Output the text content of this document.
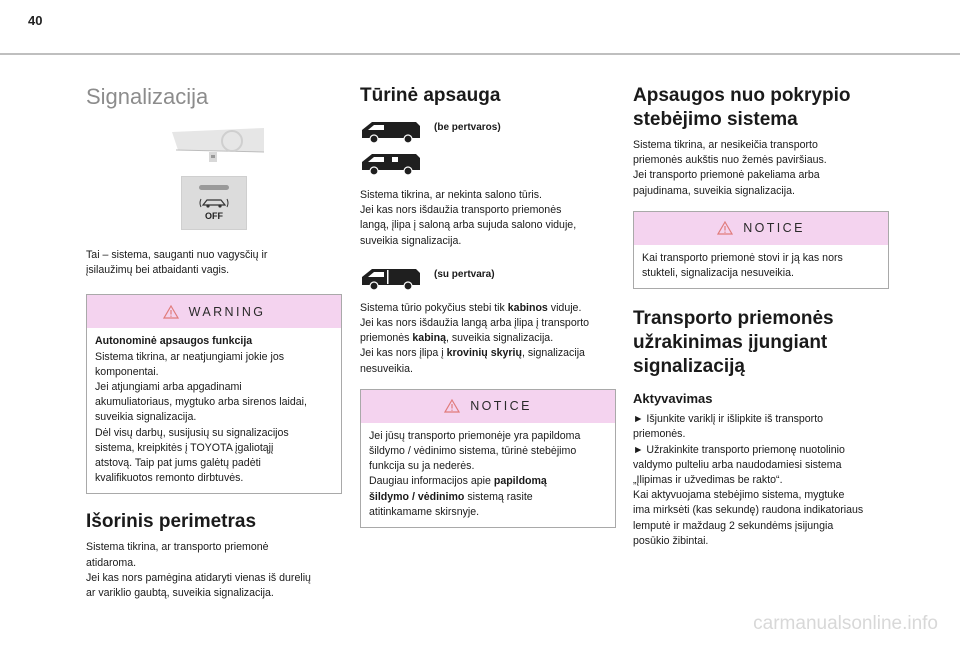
40
Signalizacija
OFF

Tai – sistema, sauganti nuo vagysčių ir

įsilaužimų bei atbaidanti vagis.

WARNING

Autonominė apsaugos funkcija

Sistema tikrina, ar neatjungiami jokie jos

komponentai.

Jei atjungiami arba apgadinami

akumuliatoriaus, mygtuko arba sirenos laidai,

suveikia signalizacija.

Dėl visų darbų, susijusių su signalizacijos

sistema, kreipkitės į TOYOTA įgaliotąjį

atstovą. Taip pat jums galėtų padėti

kvalifikuotos remonto dirbtuvės.

Išorinis perimetras

Sistema tikrina, ar transporto priemonė

atidaroma.

Jei kas nors pamėgina atidaryti vienas iš durelių

ar variklio gaubtą, suveikia signalizacija.

Tūrinė apsauga
(be pertvaros)

Sistema tikrina, ar nekinta salono tūris.

Jei kas nors išdaužia transporto priemonės

langą, įlipa į saloną arba sujuda salono viduje,

suveikia signalizacija.

(su pertvara)

Sistema tūrio pokyčius stebi tik kabinos viduje.

Jei kas nors išdaužia langą arba įlipa į transporto

priemonės kabiną, suveikia signalizacija.

Jei kas nors įlipa į krovinių skyrių, signalizacija

nesuveikia.

NOTICE

Jei jūsų transporto priemonėje yra papildoma

šildymo / vėdinimo sistema, tūrinė stebėjimo

funkcija su ja nederės.

Daugiau informacijos apie papildomą

šildymo / vėdinimo sistemą rasite

atitinkamame skirsnyje.

Apsaugos nuo pokrypio
stebėjimo sistema

Sistema tikrina, ar nesikeičia transporto

priemonės aukštis nuo žemės paviršiaus.

Jei transporto priemonė pakeliama arba

pajudinama, suveikia signalizacija.

NOTICE

Kai transporto priemonė stovi ir ją kas nors

stukteli, signalizacija nesuveikia.

Transporto priemonės
užrakinimas įjungiant
signalizaciją
Aktyvavimas

► Išjunkite variklį ir išlipkite iš transporto

priemonės.

► Užrakinkite transporto priemonę nuotolinio

valdymo pulteliu arba naudodamiesi sistema

„Įlipimas ir užvedimas be rakto“.

Kai aktyvuojama stebėjimo sistema, mygtuke

ima mirksėti (kas sekundę) raudona indikatoriaus

lemputė ir maždaug 2 sekundėms įsijungia

posūkio žibintai.

carmanualsonline.info
